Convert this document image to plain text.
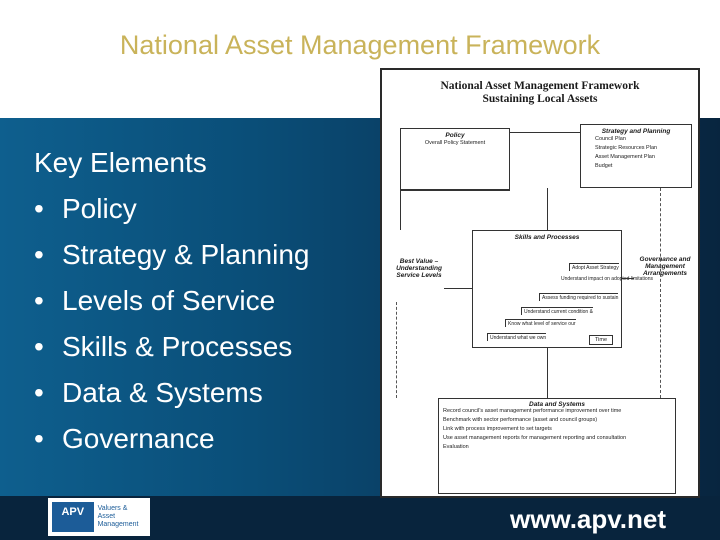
National Asset Management Framework
Key Elements
• Policy
• Strategy & Planning
• Levels of Service
• Skills & Processes
• Data & Systems
• Governance
APV	Valuers & Asset
Management	www.apv.net
National Asset Management Framework
Sustaining Local Assets
Policy
Overall Policy Statement
Strategy and Planning
Council Plan
Strategic Resources Plan
Asset Management Plan
Budget
Skills and Processes
Adopt Asset Strategy
Understand impact on adopted limitations
Assess funding required to sustain
Understand current condition &
Know what level of service our
Understand what we own	Time
Best Value –
Understanding
Service Levels
Governance and
Management
Arrangements
Data and Systems
Record council's asset management performance improvement over time
Benchmark with sector performance (asset and council groups)
Link with process improvement to set targets
Use asset management reports for management reporting and consultation
Evaluation
